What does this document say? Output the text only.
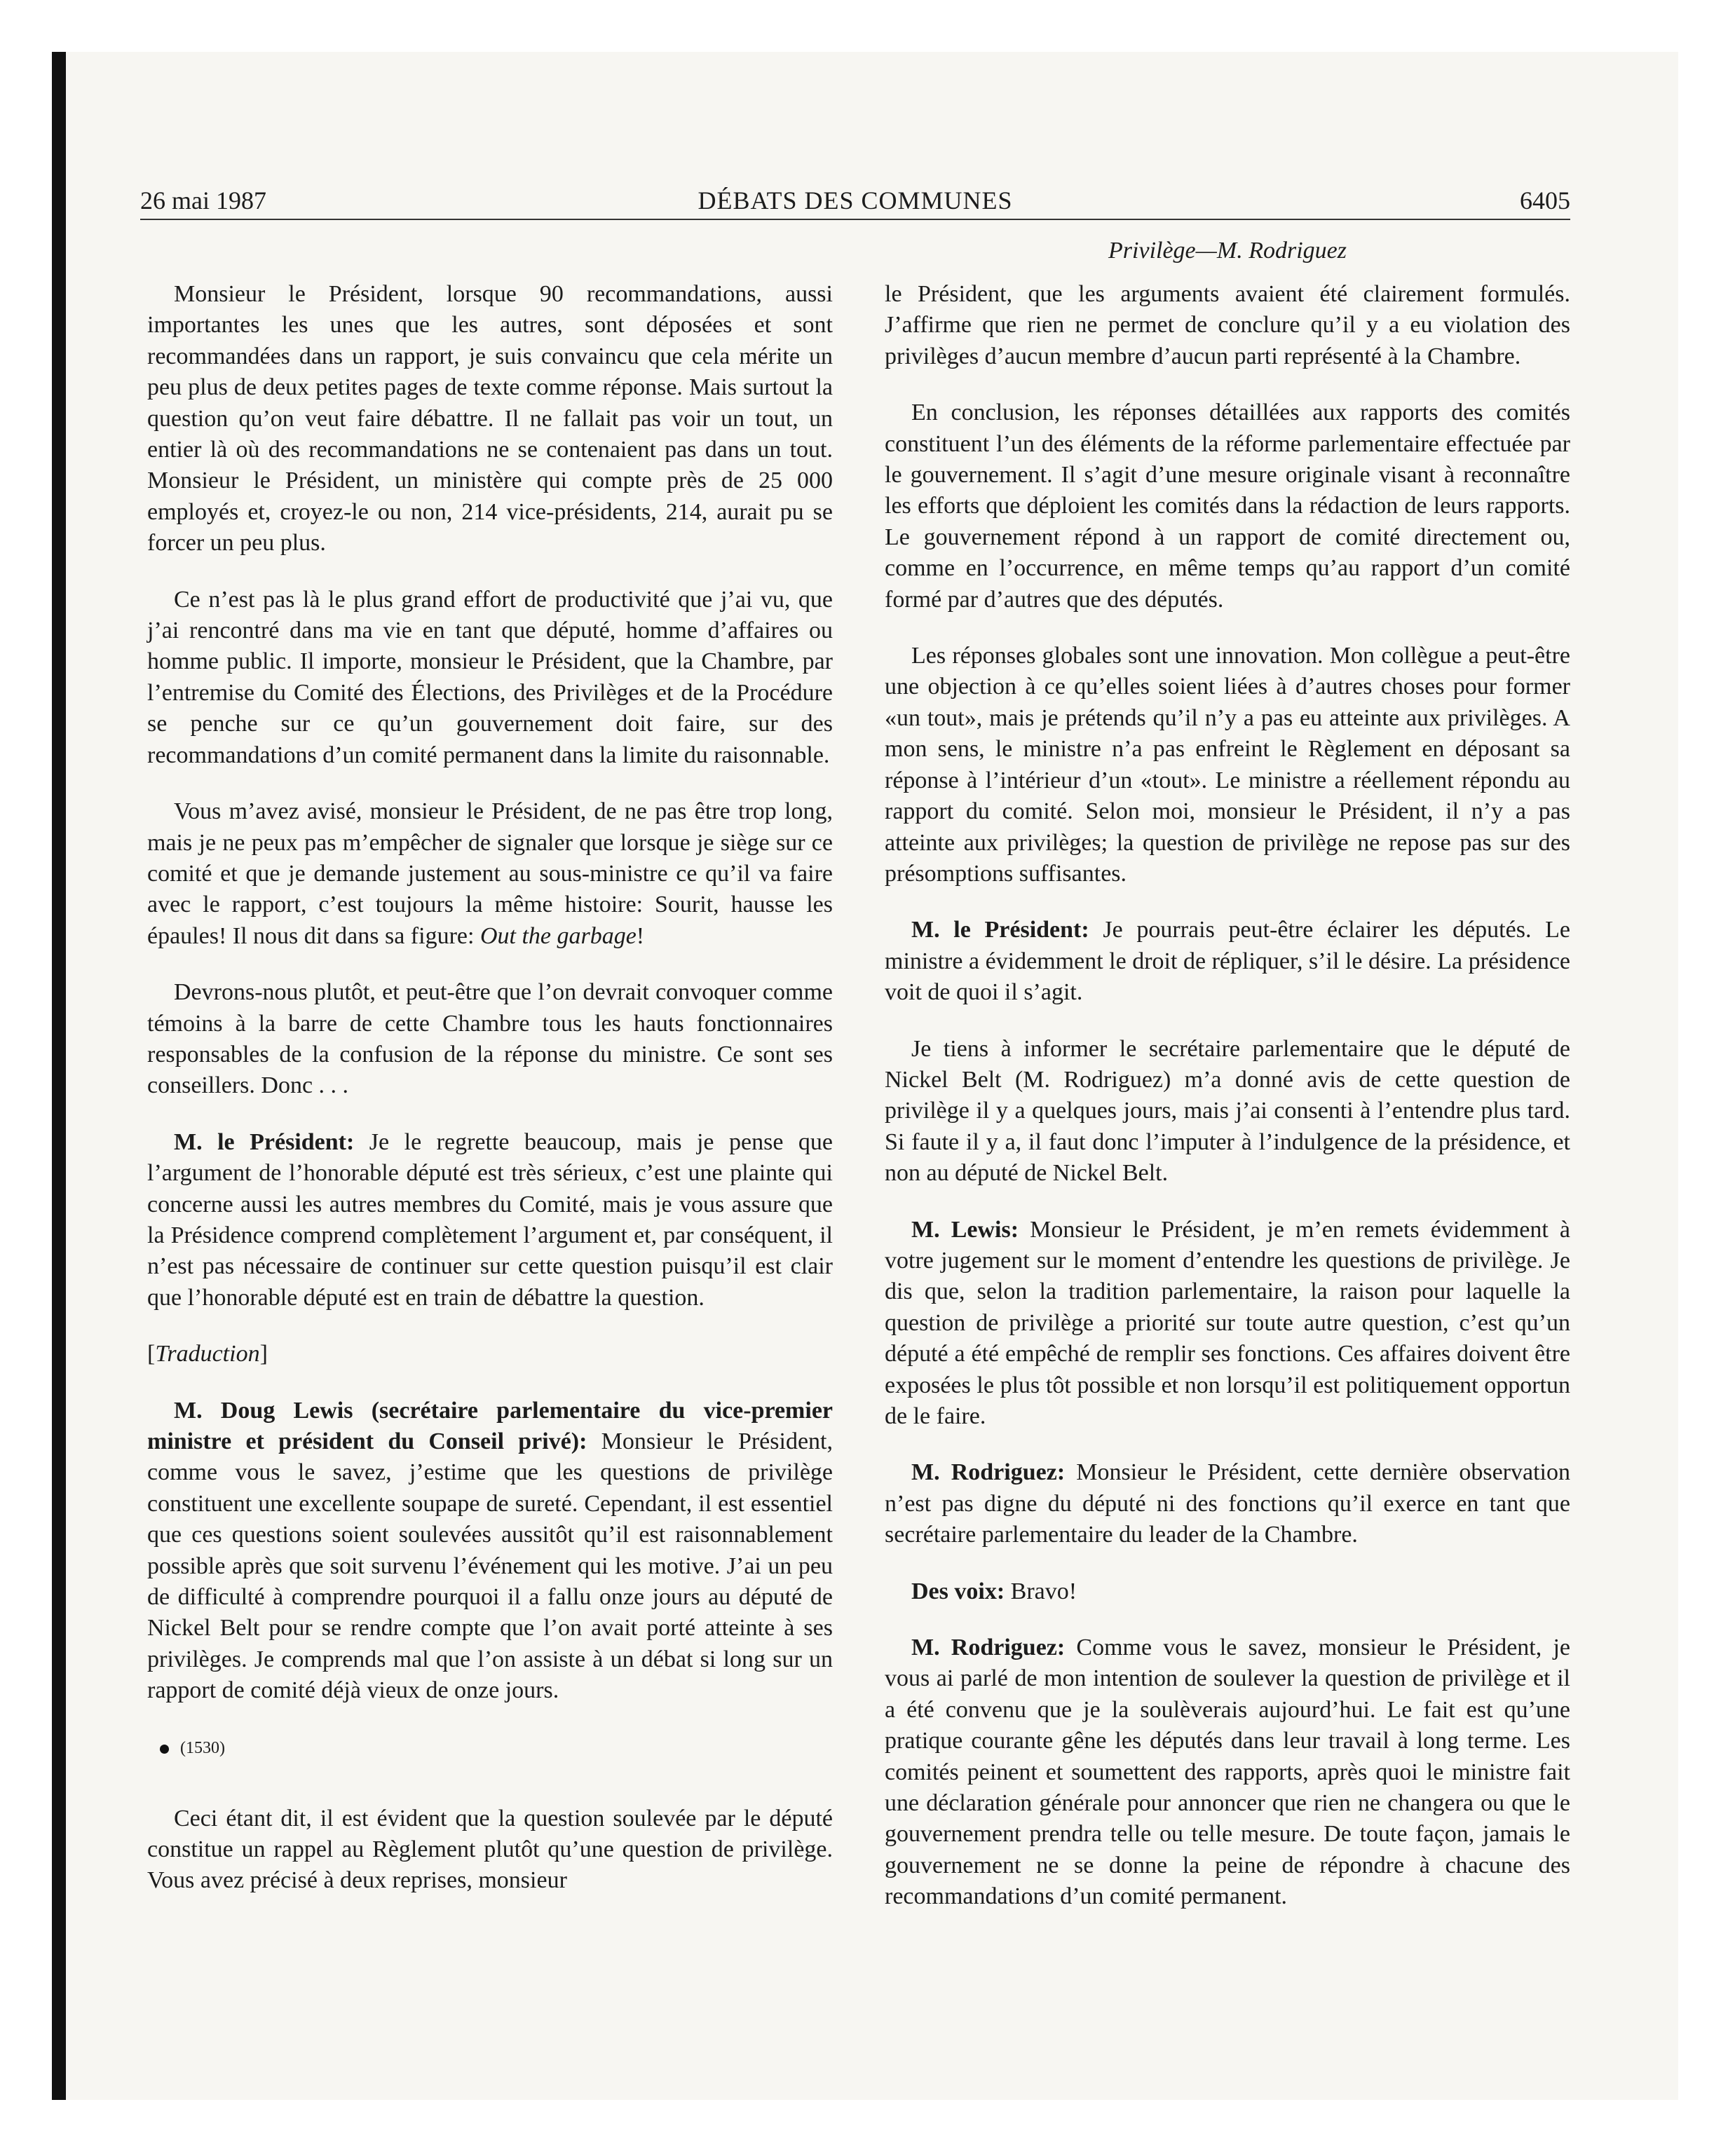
26 mai 1987	DÉBATS DES COMMUNES	6405
Privilège—M. Rodriguez

Monsieur le Président, lorsque 90 recommandations, aussi importantes les unes que les autres, sont déposées et sont recommandées dans un rapport, je suis convaincu que cela mérite un peu plus de deux petites pages de texte comme réponse. Mais surtout la question qu’on veut faire débattre. Il ne fallait pas voir un tout, un entier là où des recommandations ne se contenaient pas dans un tout. Monsieur le Président, un ministère qui compte près de 25 000 employés et, croyez-le ou non, 214 vice-présidents, 214, aurait pu se forcer un peu plus.

Ce n’est pas là le plus grand effort de productivité que j’ai vu, que j’ai rencontré dans ma vie en tant que député, homme d’affaires ou homme public. Il importe, monsieur le Président, que la Chambre, par l’entremise du Comité des Élections, des Privilèges et de la Procédure se penche sur ce qu’un gouvernement doit faire, sur des recommandations d’un comité permanent dans la limite du raisonnable.

Vous m’avez avisé, monsieur le Président, de ne pas être trop long, mais je ne peux pas m’empêcher de signaler que lorsque je siège sur ce comité et que je demande justement au sous-ministre ce qu’il va faire avec le rapport, c’est toujours la même histoire: Sourit, hausse les épaules! Il nous dit dans sa figure: Out the garbage!

Devrons-nous plutôt, et peut-être que l’on devrait convoquer comme témoins à la barre de cette Chambre tous les hauts fonctionnaires responsables de la confusion de la réponse du ministre. Ce sont ses conseillers. Donc . . .

M. le Président: Je le regrette beaucoup, mais je pense que l’argument de l’honorable député est très sérieux, c’est une plainte qui concerne aussi les autres membres du Comité, mais je vous assure que la Présidence comprend complètement l’argument et, par conséquent, il n’est pas nécessaire de continuer sur cette question puisqu’il est clair que l’honorable député est en train de débattre la question.

[Traduction]

M. Doug Lewis (secrétaire parlementaire du vice-premier ministre et président du Conseil privé): Monsieur le Président, comme vous le savez, j’estime que les questions de privilège constituent une excellente soupape de sureté. Cependant, il est essentiel que ces questions soient soulevées aussitôt qu’il est raisonnablement possible après que soit survenu l’événement qui les motive. J’ai un peu de difficulté à comprendre pourquoi il a fallu onze jours au député de Nickel Belt pour se rendre compte que l’on avait porté atteinte à ses privilèges. Je comprends mal que l’on assiste à un débat si long sur un rapport de comité déjà vieux de onze jours.

(1530)

Ceci étant dit, il est évident que la question soulevée par le député constitue un rappel au Règlement plutôt qu’une question de privilège. Vous avez précisé à deux reprises, monsieur

le Président, que les arguments avaient été clairement formulés. J’affirme que rien ne permet de conclure qu’il y a eu violation des privilèges d’aucun membre d’aucun parti représenté à la Chambre.

En conclusion, les réponses détaillées aux rapports des comités constituent l’un des éléments de la réforme parlementaire effectuée par le gouvernement. Il s’agit d’une mesure originale visant à reconnaître les efforts que déploient les comités dans la rédaction de leurs rapports. Le gouvernement répond à un rapport de comité directement ou, comme en l’occurrence, en même temps qu’au rapport d’un comité formé par d’autres que des députés.

Les réponses globales sont une innovation. Mon collègue a peut-être une objection à ce qu’elles soient liées à d’autres choses pour former «un tout», mais je prétends qu’il n’y a pas eu atteinte aux privilèges. A mon sens, le ministre n’a pas enfreint le Règlement en déposant sa réponse à l’intérieur d’un «tout». Le ministre a réellement répondu au rapport du comité. Selon moi, monsieur le Président, il n’y a pas atteinte aux privilèges; la question de privilège ne repose pas sur des présomptions suffisantes.

M. le Président: Je pourrais peut-être éclairer les députés. Le ministre a évidemment le droit de répliquer, s’il le désire. La présidence voit de quoi il s’agit.

Je tiens à informer le secrétaire parlementaire que le député de Nickel Belt (M. Rodriguez) m’a donné avis de cette question de privilège il y a quelques jours, mais j’ai consenti à l’entendre plus tard. Si faute il y a, il faut donc l’imputer à l’indulgence de la présidence, et non au député de Nickel Belt.

M. Lewis: Monsieur le Président, je m’en remets évidemment à votre jugement sur le moment d’entendre les questions de privilège. Je dis que, selon la tradition parlementaire, la raison pour laquelle la question de privilège a priorité sur toute autre question, c’est qu’un député a été empêché de remplir ses fonctions. Ces affaires doivent être exposées le plus tôt possible et non lorsqu’il est politiquement opportun de le faire.

M. Rodriguez: Monsieur le Président, cette dernière observation n’est pas digne du député ni des fonctions qu’il exerce en tant que secrétaire parlementaire du leader de la Chambre.

Des voix: Bravo!

M. Rodriguez: Comme vous le savez, monsieur le Président, je vous ai parlé de mon intention de soulever la question de privilège et il a été convenu que je la soulèverais aujourd’hui. Le fait est qu’une pratique courante gêne les députés dans leur travail à long terme. Les comités peinent et soumettent des rapports, après quoi le ministre fait une déclaration générale pour annoncer que rien ne changera ou que le gouvernement prendra telle ou telle mesure. De toute façon, jamais le gouvernement ne se donne la peine de répondre à chacune des recommandations d’un comité permanent.
